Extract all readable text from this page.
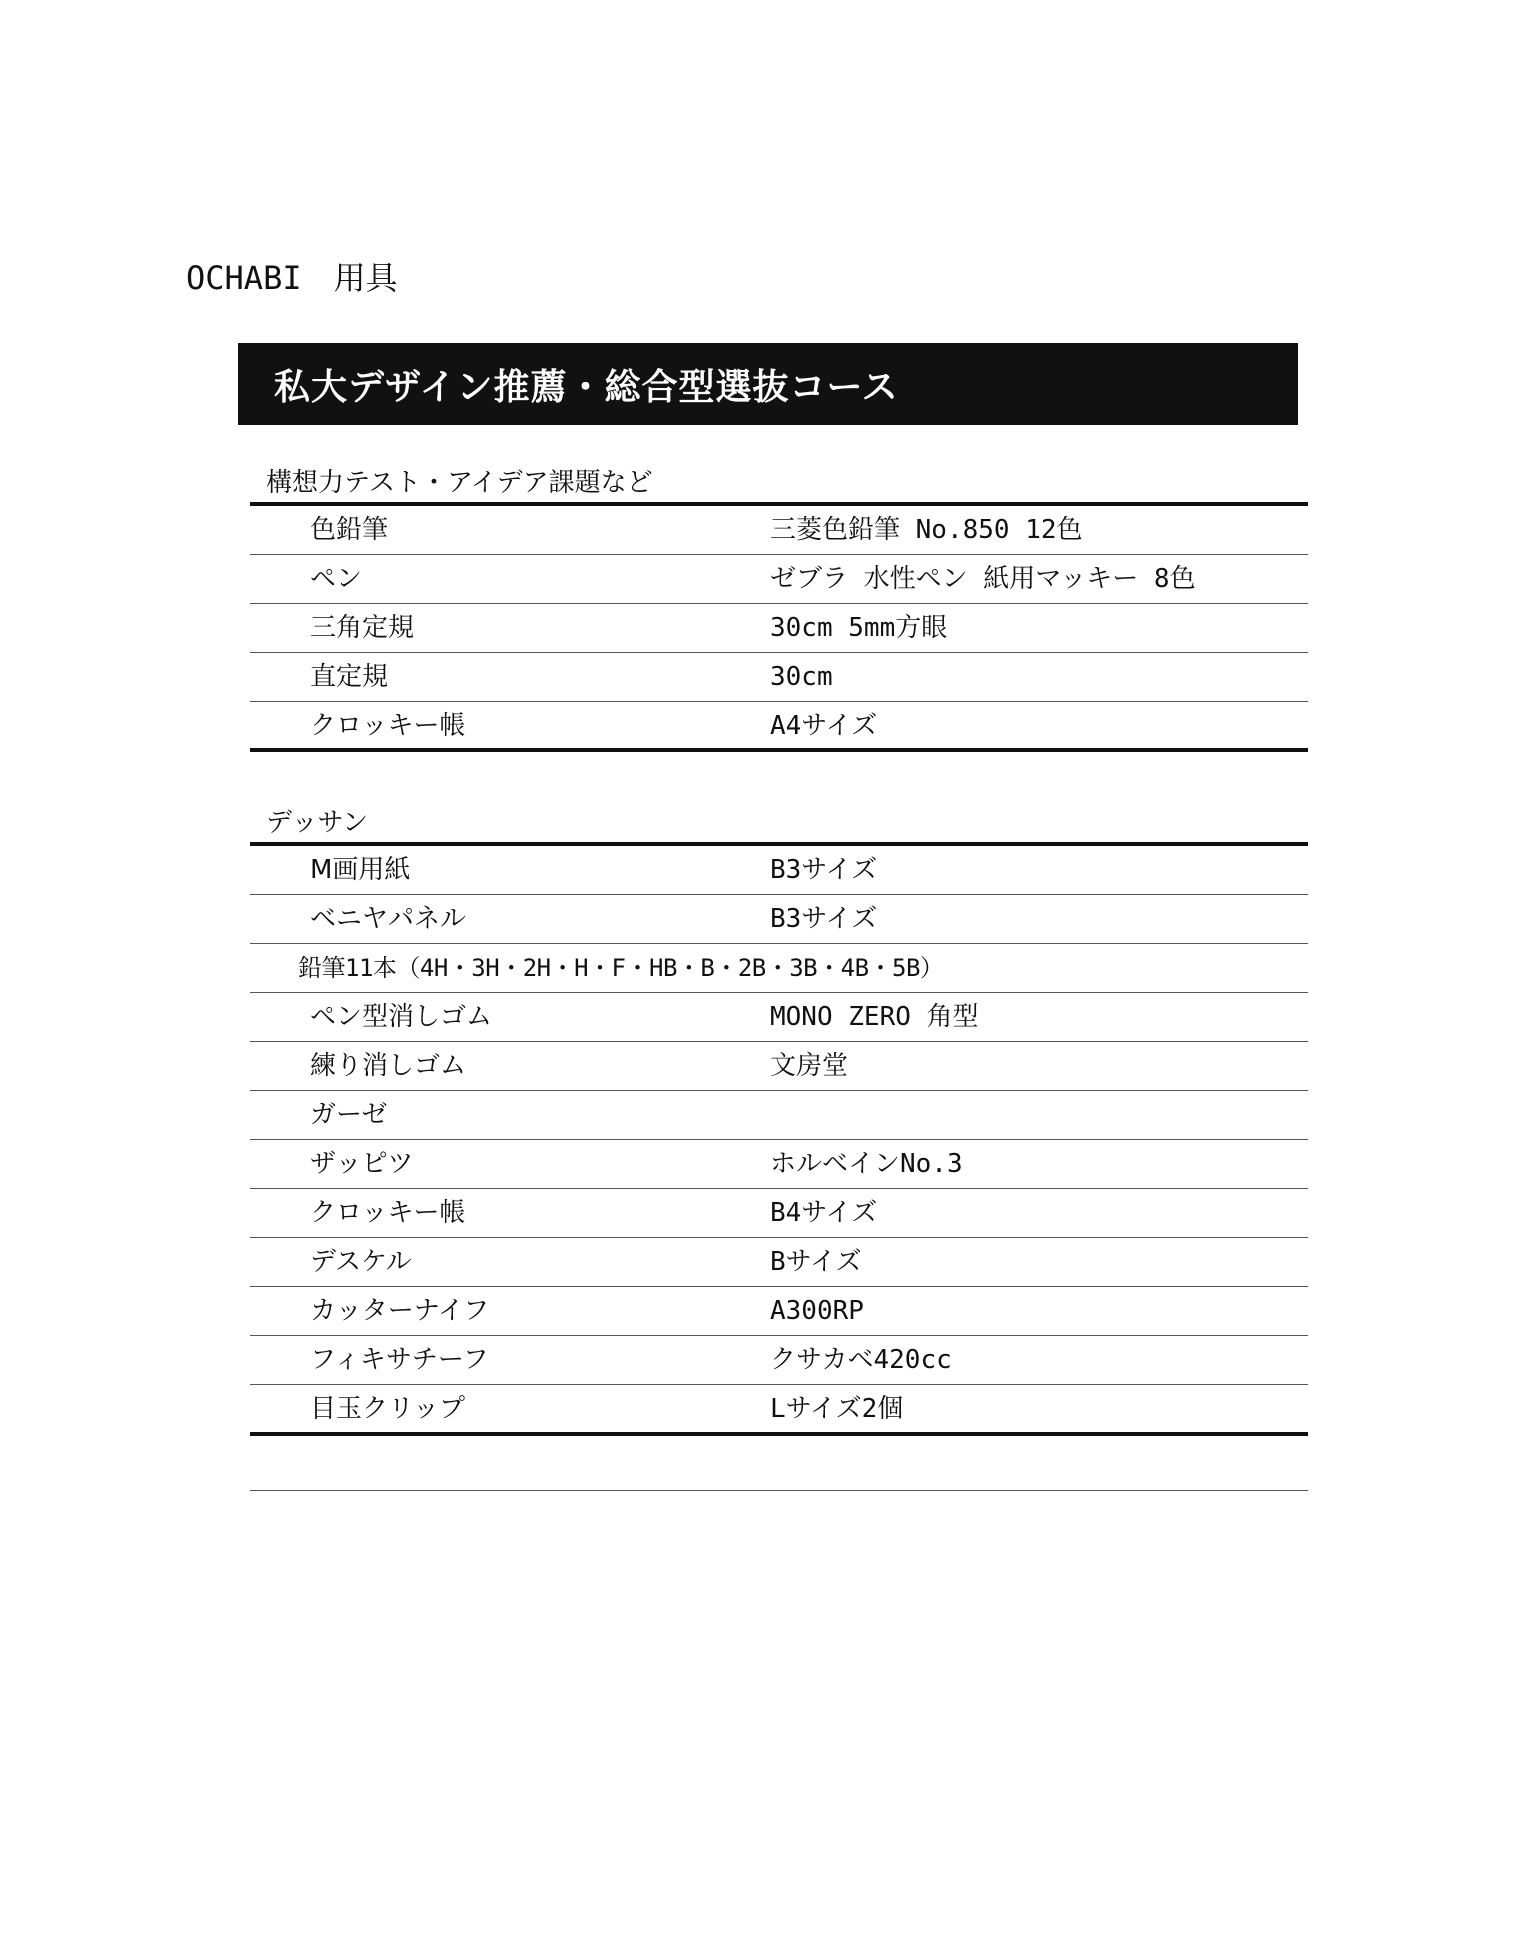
OCHABI　用具
私大デザイン推薦・総合型選抜コース
構想力テスト・アイデア課題など
色鉛筆	三菱色鉛筆 No.850 12色
ペン	ゼブラ 水性ペン 紙用マッキー 8色
三角定規	30cm 5mm方眼
直定規	30cm
クロッキー帳	A4サイズ
デッサン
M画用紙	B3サイズ
ベニヤパネル	B3サイズ
鉛筆11本（4H・3H・2H・H・F・HB・B・2B・3B・4B・5B）
ペン型消しゴム	MONO ZERO 角型
練り消しゴム	文房堂
ガーゼ
ザッピツ	ホルベインNo.3
クロッキー帳	B4サイズ
デスケル	Bサイズ
カッターナイフ	A300RP
フィキサチーフ	クサカベ420cc
目玉クリップ	Lサイズ2個
